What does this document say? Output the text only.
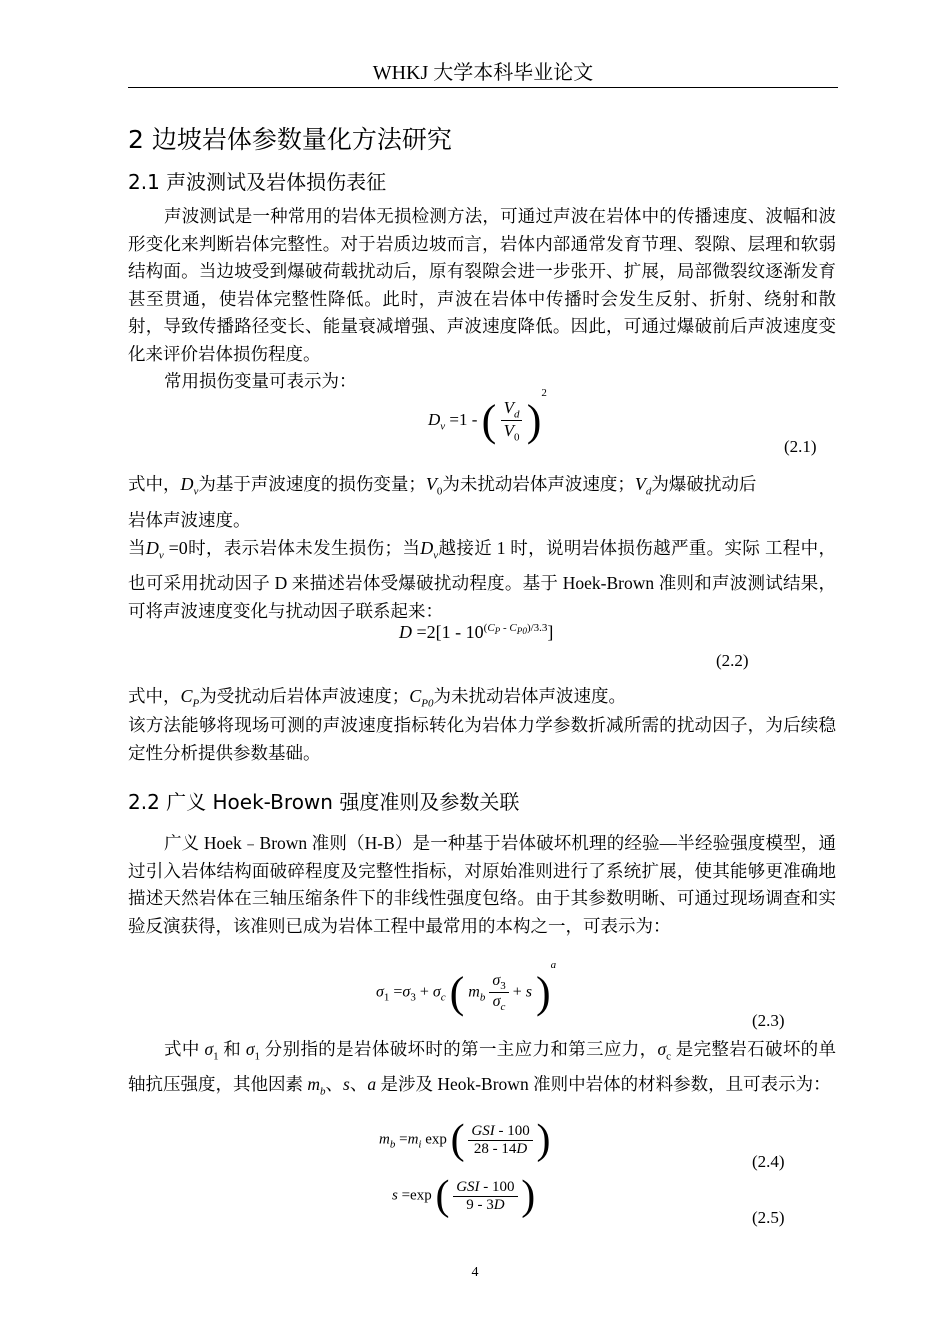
WHKJ 大学本科毕业论文
2 边坡岩体参数量化方法研究
2.1 声波测试及岩体损伤表征
声波测试是一种常用的岩体无损检测方法，可通过声波在岩体中的传播速度、波幅和波形变化来判断岩体完整性。对于岩质边坡而言，岩体内部通常发育节理、裂隙、层理和软弱结构面。当边坡受到爆破荷载扰动后，原有裂隙会进一步张开、扩展，局部微裂纹逐渐发育甚至贯通，使岩体完整性降低。此时，声波在岩体中传播时会发生反射、折射、绕射和散射，导致传播路径变长、能量衰减增强、声波速度降低。因此，可通过爆破前后声波速度变化来评价岩体损伤程度。
常用损伤变量可表示为：
$D_v =1$ - ( $\frac{V_d}{V_0} )^2$
(2.1)
式中，$D_v$为基于声波速度的损伤变量；$V_0$为未扰动岩体声波速度；$V_d$为爆破扰动后
岩体声波速度。
当$D_v =0$时，表示岩体未发生损伤；当$D_v$越接近 1 时，说明岩体损伤越严重。实际 工程中，也可采用扰动因子 D 来描述岩体受爆破扰动程度。基于 Hoek-Brown 准则和声波测试结果，可将声波速度变化与扰动因子联系起来：
$D =2[1 - 10^{(C_P - C_{P0})/3.3}]$
(2.2)
式中，$C_P$为受扰动后岩体声波速度；$C_{P0}$为未扰动岩体声波速度。
该方法能够将现场可测的声波速度指标转化为岩体力学参数折减所需的扰动因子，为后续稳定性分析提供参数基础。
2.2 广义 Hoek-Brown 强度准则及参数关联
广义 Hoek﹣Brown 准则（H-B）是一种基于岩体破坏机理的经验—半经验强度模型，通过引入岩体结构面破碎程度及完整性指标，对原始准则进行了系统扩展，使其能够更准确地描述天然岩体在三轴压缩条件下的非线性强度包络。由于其参数明晰、可通过现场调查和实验反演获得，该准则已成为岩体工程中最常用的本构之一，可表示为：
$\sigma_1 =\sigma_3 + \sigma_c$ ( $m_b \frac{\sigma_3}{\sigma_c} + s$ )$^a$
(2.3)
式中 $\sigma_1$ 和 $\sigma_1$ 分别指的是岩体破坏时的第一主应力和第三应力，$\sigma_c$ 是完整岩石破坏的单轴抗压强度，其他因素 $m_b$、s、a 是涉及 Heok-Brown 准则中岩体的材料参数，且可表示为：
$m_b =m_i$ exp ( $\frac{\text{GSI - 100}}{28 - 14D}$ )	(2.4)
s =exp ( $\frac{\text{GSI - 100}}{9 - 3D}$ )	(2.5)
4
